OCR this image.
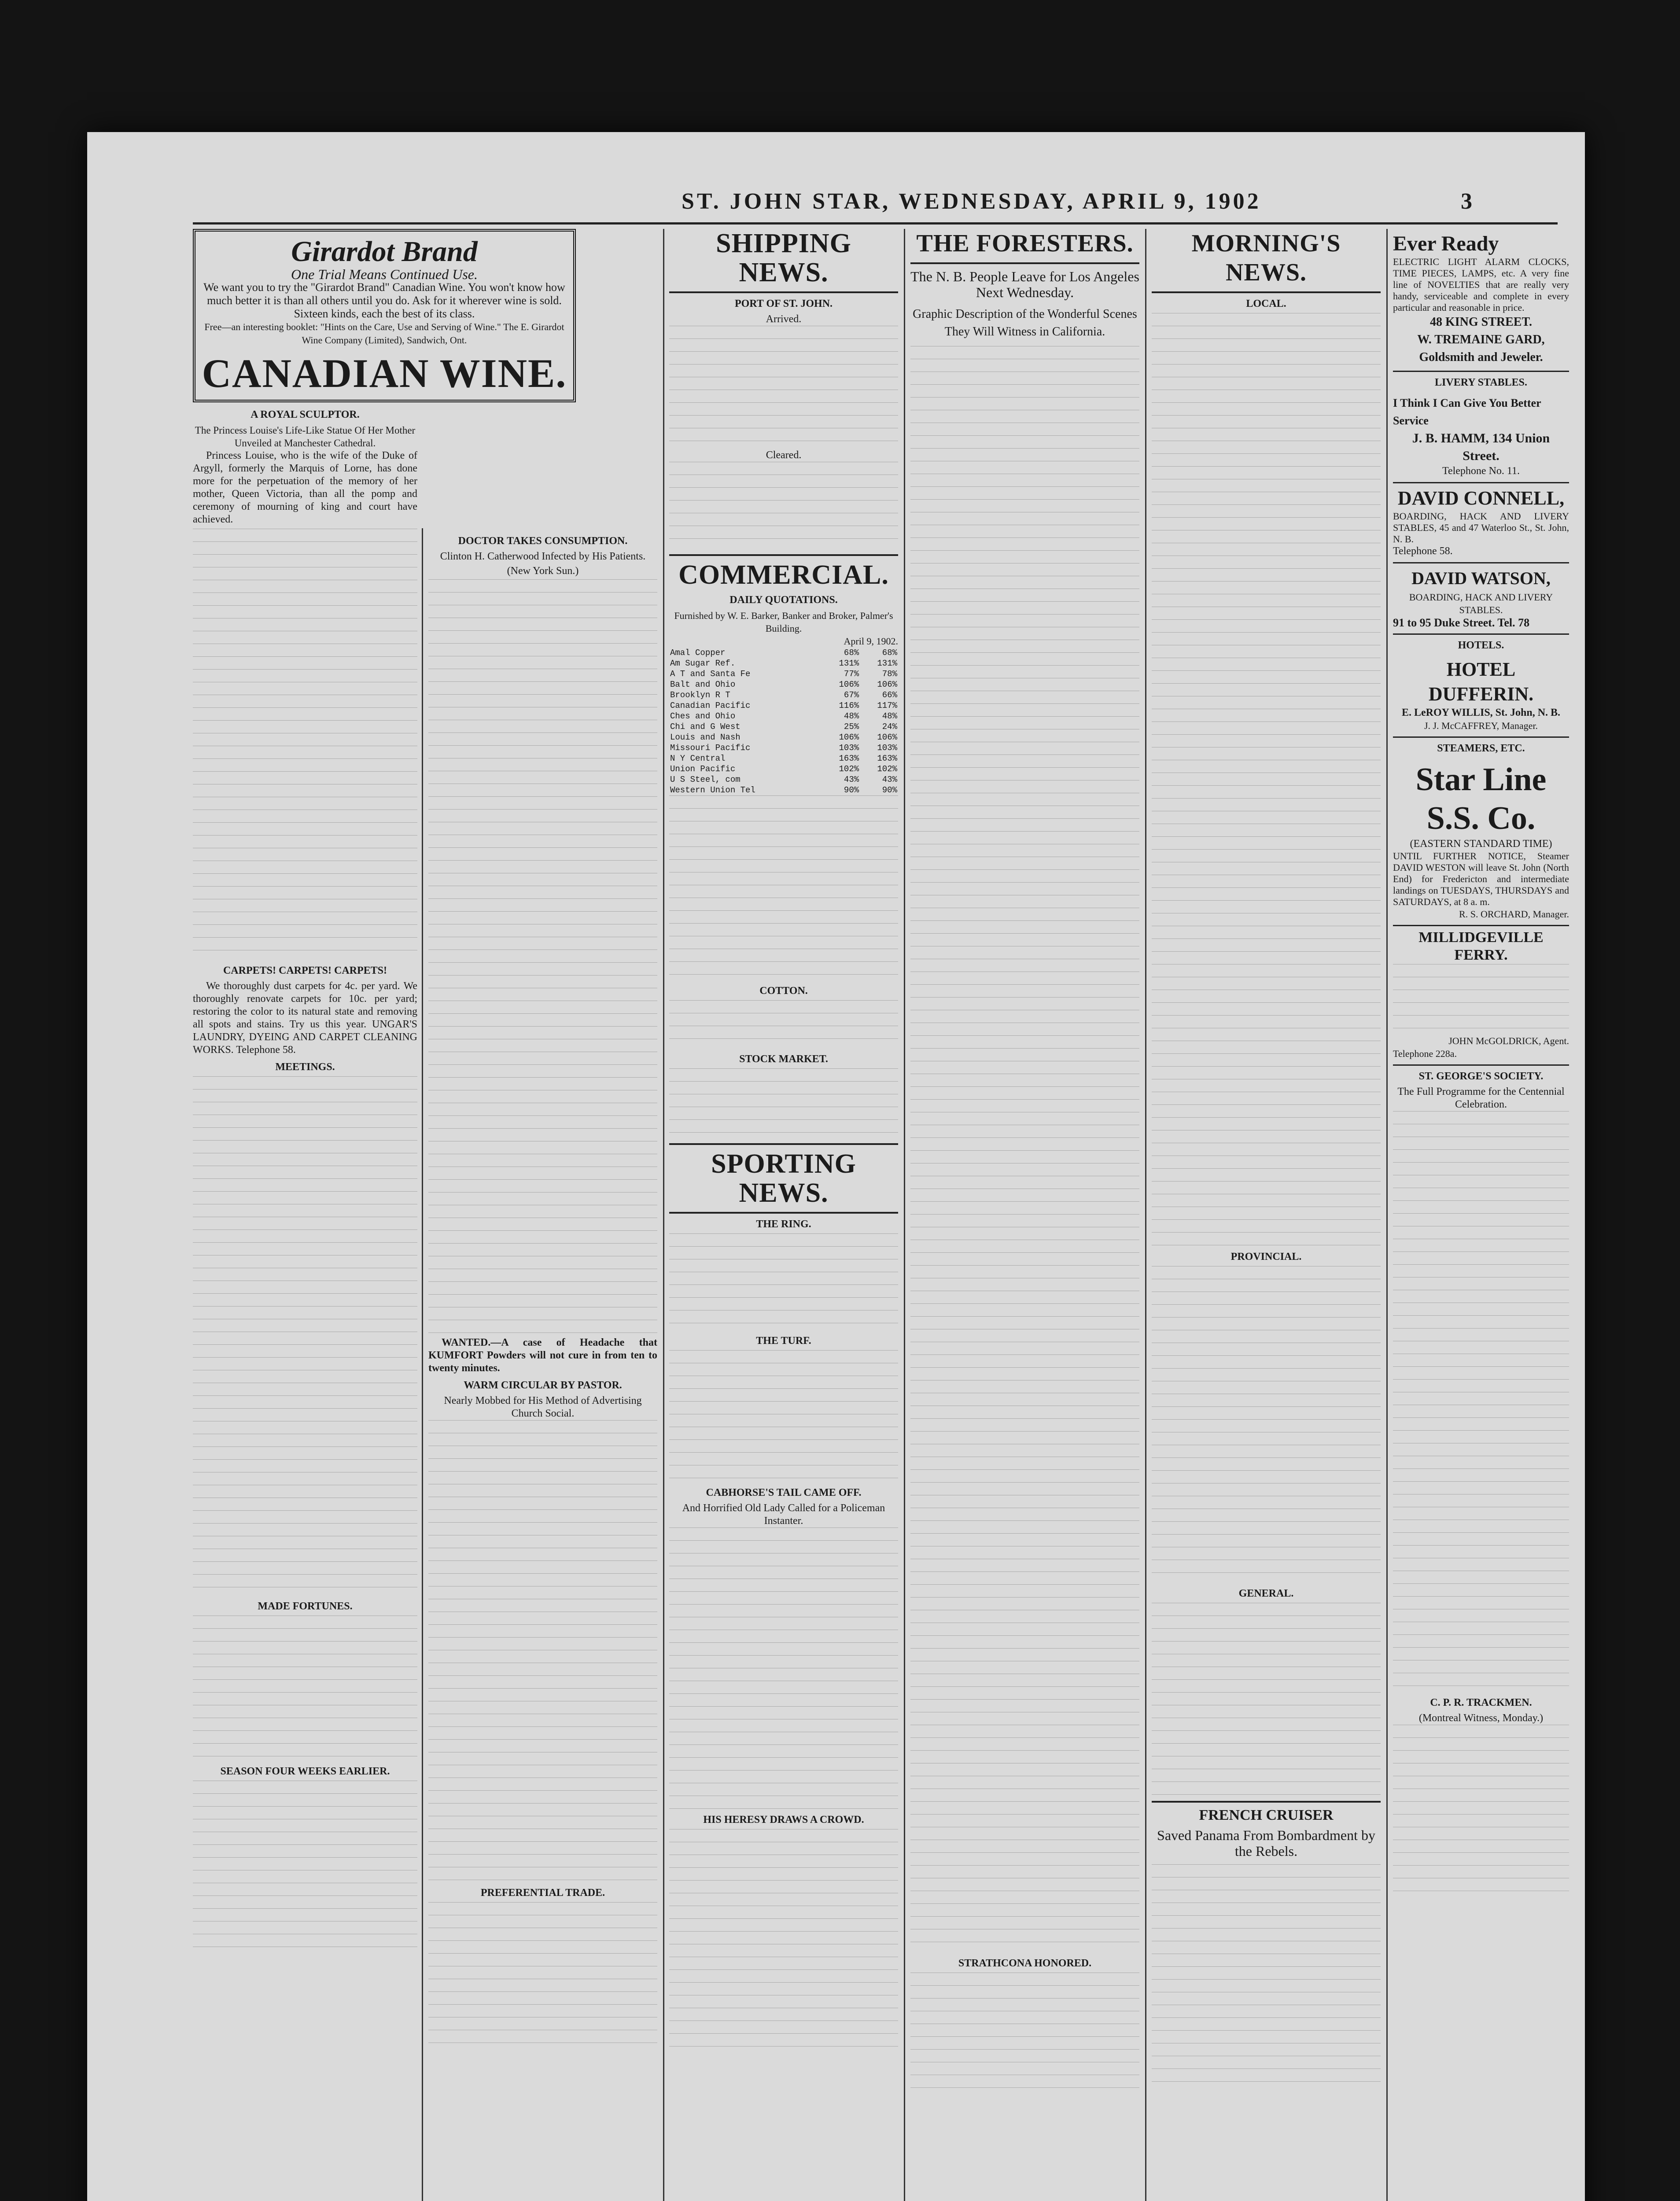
ST. JOHN STAR, WEDNESDAY, APRIL 9, 1902	3
Girardot Brand
One Trial Means Continued Use.
We want you to try the "Girardot Brand" Canadian Wine. You won't know how much better it is than all others until you do. Ask for it wherever wine is sold. Sixteen kinds, each the best of its class.
Free—an interesting booklet: "Hints on the Care, Use and Serving of Wine." The E. Girardot Wine Company (Limited), Sandwich, Ont.
CANADIAN WINE.
A ROYAL SCULPTOR.
The Princess Louise's Life-Like Statue Of Her Mother Unveiled at Manchester Cathedral.

Princess Louise, who is the wife of the Duke of Argyll, formerly the Marquis of Lorne, has done more for the perpetuation of the memory of her mother, Queen Victoria, than all the pomp and ceremony of mourning of king and court have achieved.

CARPETS! CARPETS! CARPETS!

We thoroughly dust carpets for 4c. per yard. We thoroughly renovate carpets for 10c. per yard; restoring the color to its natural state and removing all spots and stains. Try us this year. UNGAR'S LAUNDRY, DYEING AND CARPET CLEANING WORKS. Telephone 58.

MEETINGS.
MADE FORTUNES.
SEASON FOUR WEEKS EARLIER.
DOCTOR TAKES CONSUMPTION.
Clinton H. Catherwood Infected by His Patients.
(New York Sun.)

WANTED.—A case of Headache that KUMFORT Powders will not cure in from ten to twenty minutes.

WARM CIRCULAR BY PASTOR.
Nearly Mobbed for His Method of Advertising Church Social.
PREFERENTIAL TRADE.
SHIPPING NEWS.
PORT OF ST. JOHN.
Arrived.
Cleared.
COMMERCIAL.
DAILY QUOTATIONS.
Furnished by W. E. Barker, Banker and Broker, Palmer's Building.
April 9, 1902.
Amal Copper	68%	68%
Am Sugar Ref.	131%	131%
A T and Santa Fe	77%	78%
Balt and Ohio	106%	106%
Brooklyn R T	67%	66%
Canadian Pacific	116%	117%
Ches and Ohio	48%	48%
Chi and G West	25%	24%
Louis and Nash	106%	106%
Missouri Pacific	103%	103%
N Y Central	163%	163%
Union Pacific	102%	102%
U S Steel, com	43%	43%
Western Union Tel	90%	90%
COTTON.
STOCK MARKET.
SPORTING NEWS.
THE RING.
THE TURF.
CABHORSE'S TAIL CAME OFF.
And Horrified Old Lady Called for a Policeman Instanter.
HIS HERESY DRAWS A CROWD.
THE FORESTERS.
The N. B. People Leave for Los Angeles Next Wednesday.
Graphic Description of the Wonderful Scenes They Will Witness in California.
STRATHCONA HONORED.
MORNING'S NEWS.
LOCAL.
PROVINCIAL.
GENERAL.
FRENCH CRUISER
Saved Panama From Bombardment by the Rebels.
Ever Ready
ELECTRIC LIGHT ALARM CLOCKS, TIME PIECES, LAMPS, etc. A very fine line of NOVELTIES that are really very handy, serviceable and complete in every particular and reasonable in price.
48 KING STREET.
W. TREMAINE GARD, Goldsmith and Jeweler.
LIVERY STABLES.
I Think I Can Give You Better Service
J. B. HAMM, 134 Union Street.
Telephone No. 11.
DAVID CONNELL,
BOARDING, HACK AND LIVERY STABLES, 45 and 47 Waterloo St., St. John, N. B.
Telephone 58.
DAVID WATSON,
BOARDING, HACK AND LIVERY STABLES.
91 to 95 Duke Street. Tel. 78
HOTELS.
HOTEL DUFFERIN.
E. LeROY WILLIS, St. John, N. B.
J. J. McCAFFREY, Manager.
STEAMERS, ETC.
Star Line S.S. Co.
(EASTERN STANDARD TIME)
UNTIL FURTHER NOTICE, Steamer DAVID WESTON will leave St. John (North End) for Fredericton and intermediate landings on TUESDAYS, THURSDAYS and SATURDAYS, at 8 a. m.
R. S. ORCHARD, Manager.
MILLIDGEVILLE FERRY.
JOHN McGOLDRICK, Agent.
Telephone 228a.
ST. GEORGE'S SOCIETY.
The Full Programme for the Centennial Celebration.
C. P. R. TRACKMEN.
(Montreal Witness, Monday.)
